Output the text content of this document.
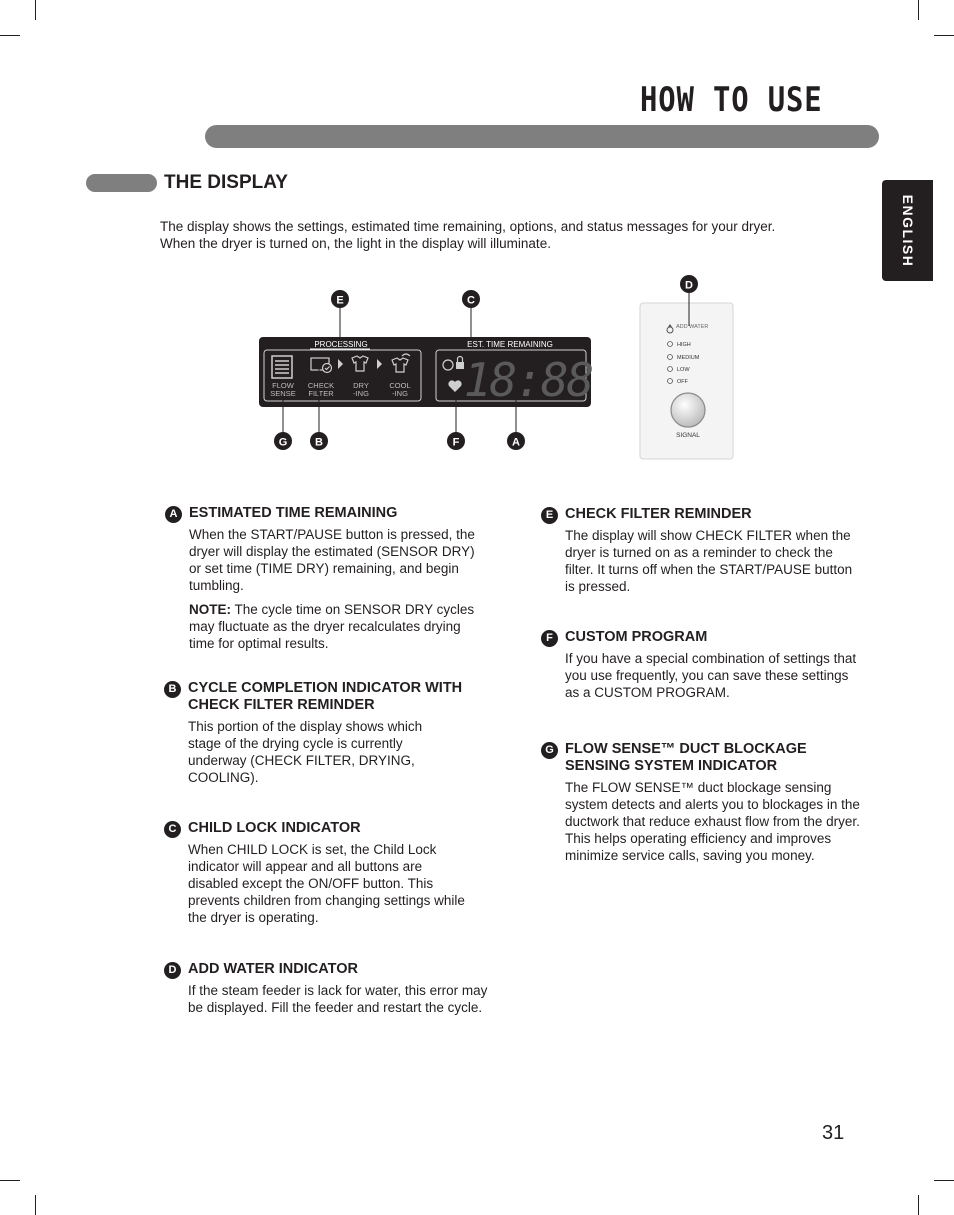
HOW TO USE
THE DISPLAY
ENGLISH
The display shows the settings, estimated time remaining, options, and status messages for your dryer. When the dryer is turned on, the light in the display will illuminate.
PROCESSING	EST. TIME REMAINING
FLOW
SENSE
CHECK
FILTER
DRY
-ING
COOL
-ING 18:88
E	C
G	B	F	A
D
ADD WATER
HIGH
MEDIUM
LOW
OFF
SIGNAL
A ESTIMATED TIME REMAINING
When the START/PAUSE button is pressed, the dryer will display the estimated (SENSOR DRY) or set time (TIME DRY) remaining, and begin tumbling.
NOTE: The cycle time on SENSOR DRY cycles may fluctuate as the dryer recalculates drying time for optimal results.
B CYCLE COMPLETION INDICATOR WITH CHECK FILTER REMINDER
This portion of the display shows which stage of the drying cycle is currently underway (CHECK FILTER, DRYING, COOLING).
C CHILD LOCK INDICATOR
When CHILD LOCK is set, the Child Lock indicator will appear and all buttons are disabled except the ON/OFF button. This prevents children from changing settings while the dryer is operating.
D ADD WATER INDICATOR
If the steam feeder is lack for water, this error may be displayed. Fill the feeder and restart the cycle.
E CHECK FILTER REMINDER
The display will show CHECK FILTER when the dryer is turned on as a reminder to check the filter. It turns off when the START/PAUSE button is pressed.
F CUSTOM PROGRAM
If you have a special combination of settings that you use frequently, you can save these settings as a CUSTOM PROGRAM.
G FLOW SENSE™ DUCT BLOCKAGE SENSING SYSTEM INDICATOR
The FLOW SENSE™ duct blockage sensing system detects and alerts you to blockages in the ductwork that reduce exhaust flow from the dryer. This helps operating efficiency and improves minimize service calls, saving you money.
31
